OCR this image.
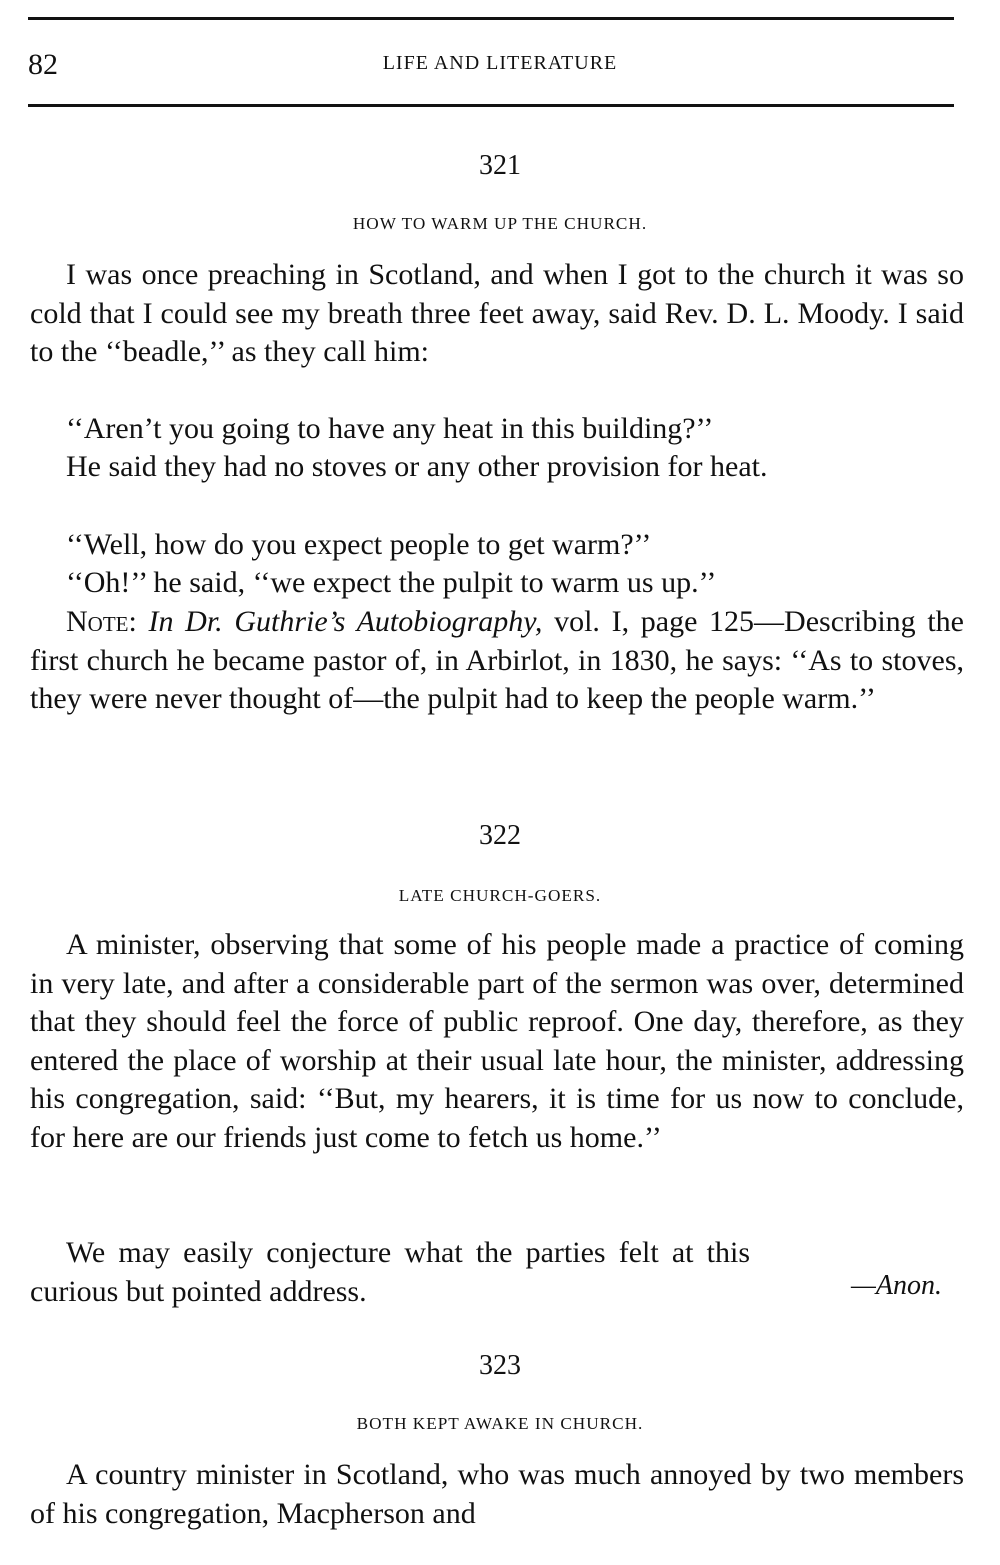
82	LIFE AND LITERATURE
321
HOW TO WARM UP THE CHURCH.

I was once preaching in Scotland, and when I got to the church it was so cold that I could see my breath three feet away, said Rev. D. L. Moody. I said to the ‘‘beadle,’’ as they call him:

‘‘Aren’t you going to have any heat in this building?’’

He said they had no stoves or any other provision for heat.

‘‘Well, how do you expect people to get warm?’’

‘‘Oh!’’ he said, ‘‘we expect the pulpit to warm us up.’’

Note: In Dr. Guthrie’s Autobiography, vol. I, page 125—Describing the first church he became pastor of, in Arbirlot, in 1830, he says: ‘‘As to stoves, they were never thought of—the pulpit had to keep the people warm.’’

322
LATE CHURCH-GOERS.

A minister, observing that some of his people made a practice of coming in very late, and after a considerable part of the sermon was over, determined that they should feel the force of public reproof. One day, therefore, as they entered the place of worship at their usual late hour, the minister, addressing his congregation, said: ‘‘But, my hearers, it is time for us now to conclude, for here are our friends just come to fetch us home.’’

We may easily conjecture what the parties felt at this curious but pointed address.	—Anon.
323
BOTH KEPT AWAKE IN CHURCH.

A country minister in Scotland, who was much annoyed by two members of his congregation, Macpherson and
